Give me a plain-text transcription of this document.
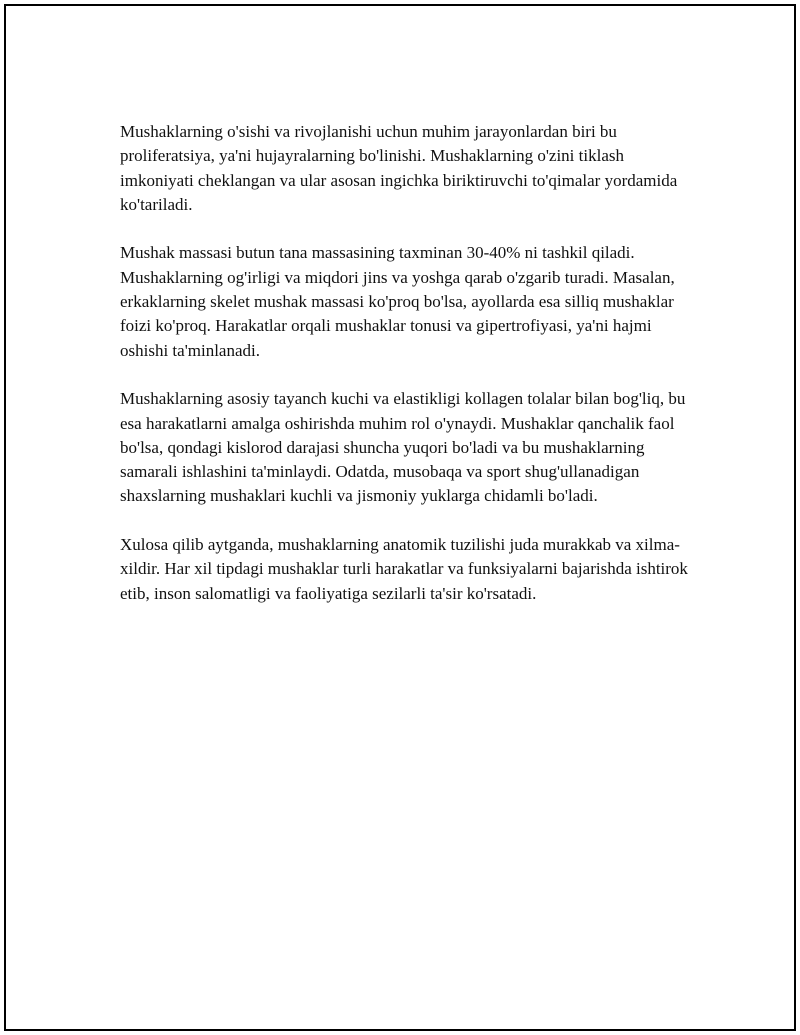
Mushaklarning o'sishi va rivojlanishi uchun muhim jarayonlardan biri bu proliferatsiya, ya'ni hujayralarning bo'linishi. Mushaklarning o'zini tiklash imkoniyati cheklangan va ular asosan ingichka biriktiruvchi to'qimalar yordamida ko'tariladi.

Mushak massasi butun tana massasining taxminan 30-40% ni tashkil qiladi. Mushaklarning og'irligi va miqdori jins va yoshga qarab o'zgarib turadi. Masalan, erkaklarning skelet mushak massasi ko'proq bo'lsa, ayollarda esa silliq mushaklar foizi ko'proq. Harakatlar orqali mushaklar tonusi va gipertrofiyasi, ya'ni hajmi oshishi ta'minlanadi.

Mushaklarning asosiy tayanch kuchi va elastikligi kollagen tolalar bilan bog'liq, bu esa harakatlarni amalga oshirishda muhim rol o'ynaydi. Mushaklar qanchalik faol bo'lsa, qondagi kislorod darajasi shuncha yuqori bo'ladi va bu mushaklarning samarali ishlashini ta'minlaydi. Odatda, musobaqa va sport shug'ullanadigan shaxslarning mushaklari kuchli va jismoniy yuklarga chidamli bo'ladi.

Xulosa qilib aytganda, mushaklarning anatomik tuzilishi juda murakkab va xilma-xildir. Har xil tipdagi mushaklar turli harakatlar va funksiyalarni bajarishda ishtirok etib, inson salomatligi va faoliyatiga sezilarli ta'sir ko'rsatadi.
